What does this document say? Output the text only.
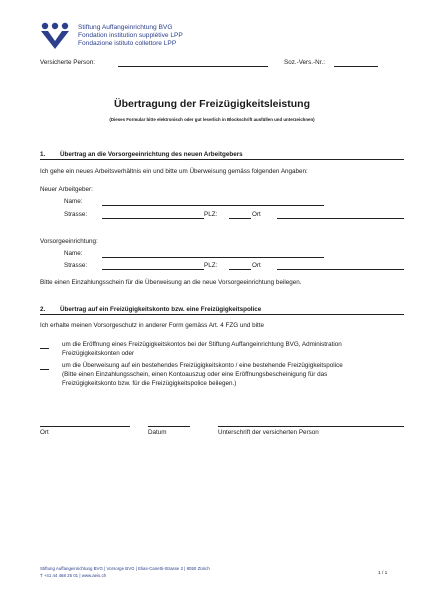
Stiftung Auffangeinrichtung BVG
Fondation institution supplétive LPP
Fondazione istituto collettore LPP
Versicherte Person:	Soz.-Vers.-Nr.:
Übertragung der Freizügigkeitsleistung
(Dieses Formular bitte elektronisch oder gut leserlich in Blockschrift ausfüllen und unterzeichnen)
1. Übertrag an die Vorsorgeeinrichtung des neuen Arbeitgebers
Ich gehe ein neues Arbeitsverhältnis ein und bitte um Überweisung gemäss folgenden Angaben:
Neuer Arbeitgeber:
Name:
Strasse:	PLZ:	Ort
Vorsorgeeinrichtung:
Name:
Strasse:	PLZ:	Ort
Bitte einen Einzahlungsschein für die Überweisung an die neue Vorsorgeeinrichtung beilegen.
2. Übertrag auf ein Freizügigkeitskonto bzw. eine Freizügigkeitspolice
Ich erhalte meinen Vorsorgeschutz in anderer Form gemäss Art. 4 FZG und bitte
um die Eröffnung eines Freizügigkeitskontos bei der Stiftung Auffangeinrichtung BVG, Administration
Freizügigkeitskonten oder
um die Überweisung auf ein bestehendes Freizügigkeitskonto / eine bestehende Freizügigkeitspolice
(Bitte einen Einzahlungsschein, einen Kontoauszug oder eine Eröffnungsbescheinigung für das
Freizügigkeitskonto bzw. für die Freizügigkeitspolice beilegen.)
Ort	Datum	Unterschrift der versicherten Person
Stiftung Auffangeinrichtung BVG | Vorsorge BVG | Elias-Canetti-Strasse 2 | 8050 Zürich
T +41 44 468 25 01 | www.aeis.ch	1 / 1
